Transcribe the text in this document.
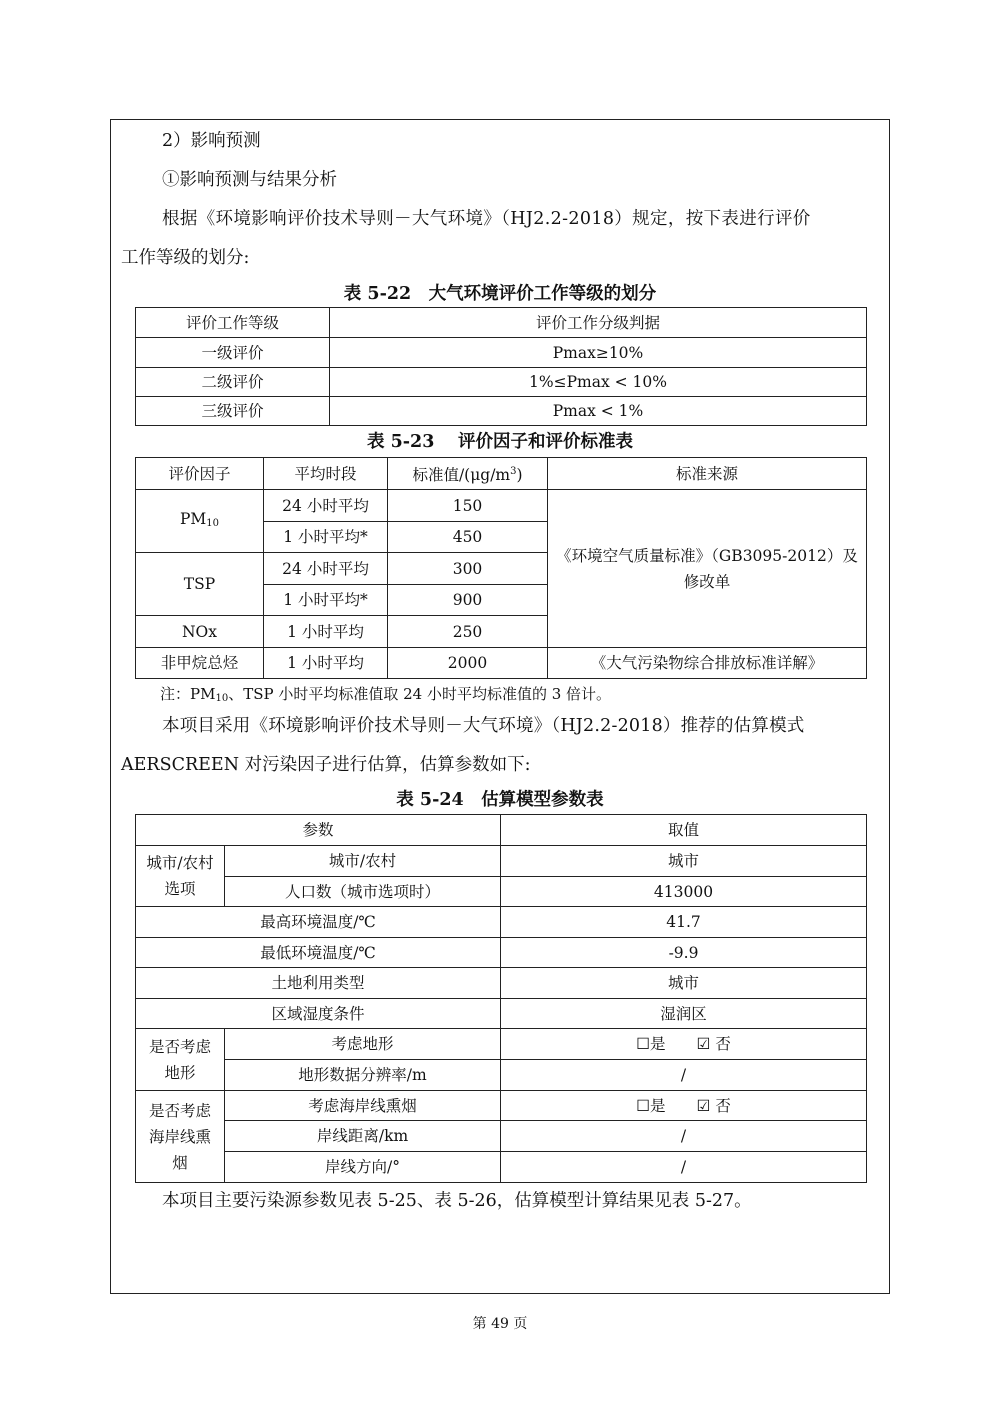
2）影响预测
①影响预测与结果分析
根据《环境影响评价技术导则－大气环境》（HJ2.2-2018）规定，按下表进行评价
工作等级的划分:
表 5-22　大气环境评价工作等级的划分
评价工作等级	评价工作分级判据
一级评价	Pmax≥10%
二级评价	1%≤Pmax < 10%
三级评价	Pmax < 1%
表 5-23　 评价因子和评价标准表
评价因子	平均时段	标准值$/(\mu g/m^3)$	标准来源
$PM_{10}$	24 小时平均	150	《环境空气质量标准》（GB3095-2012）及修改单
	1 小时平均*	450	
TSP	24 小时平均	300	
	1 小时平均*	900	
NOx	1 小时平均	250	
非甲烷总烃	1 小时平均	2000	《大气污染物综合排放标准详解》
注：$PM_{10}$、TSP 小时平均标准值取 24 小时平均标准值的 3 倍计。
本项目采用《环境影响评价技术导则－大气环境》（HJ2.2-2018）推荐的估算模式
AERSCREEN 对污染因子进行估算，估算参数如下:
表 5-24　估算模型参数表
参数		取值
城市/农村选项	城市/农村	城市
	人口数（城市选项时）	413000
最高环境温度/℃		41.7
最低环境温度/℃		-9.9
土地利用类型		城市
区域湿度条件		湿润区
是否考虑地形	考虑地形	☐是　　☑ 否
	地形数据分辨率/m	/
是否考虑海岸线熏烟	考虑海岸线熏烟	☐是　　☑ 否
	岸线距离/km	/
	岸线方向/°	/
本项目主要污染源参数见表 5-25、表 5-26，估算模型计算结果见表 5-27。
第 49 页
